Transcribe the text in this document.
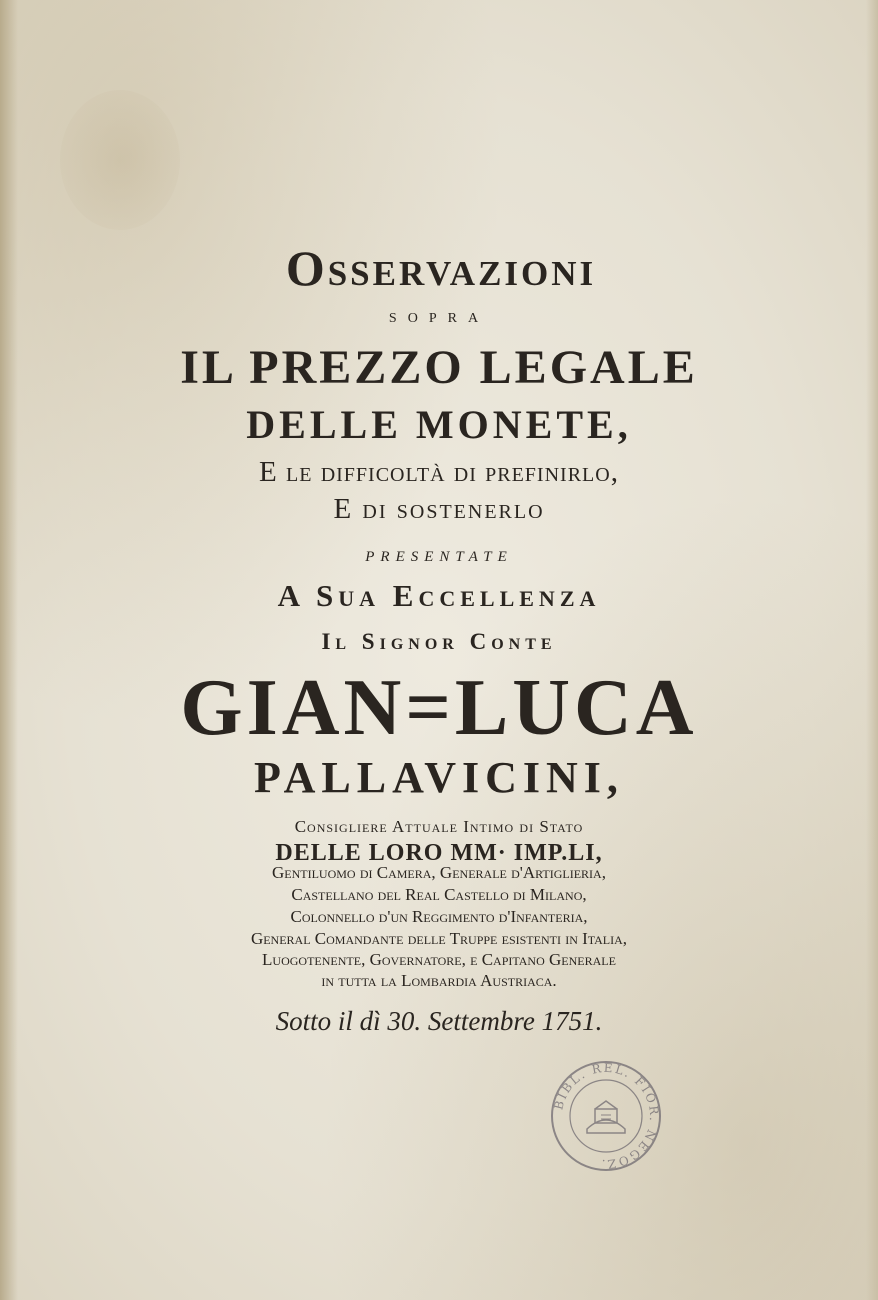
Osservazioni
sopra
IL PREZZO LEGALE
DELLE MONETE,
E le difficoltà di prefinirlo,
E di sostenerlo
presentate
A Sua Eccellenza
Il Signor Conte
GIAN=LUCA
PALLAVICINI,
Consigliere Attuale Intimo di Stato
DELLE LORO MM· IMP.LI,
Gentiluomo di Camera, Generale d'Artiglieria,
Castellano del Real Castello di Milano,
Colonnello d'un Reggimento d'Infanteria,
General Comandante delle Truppe esistenti in Italia,
Luogotenente, Governatore, e Capitano Generale
in tutta la Lombardia Austriaca.
Sotto il dì 30. Settembre 1751.
BIBL. REL. FIOR. NEGOZ.
